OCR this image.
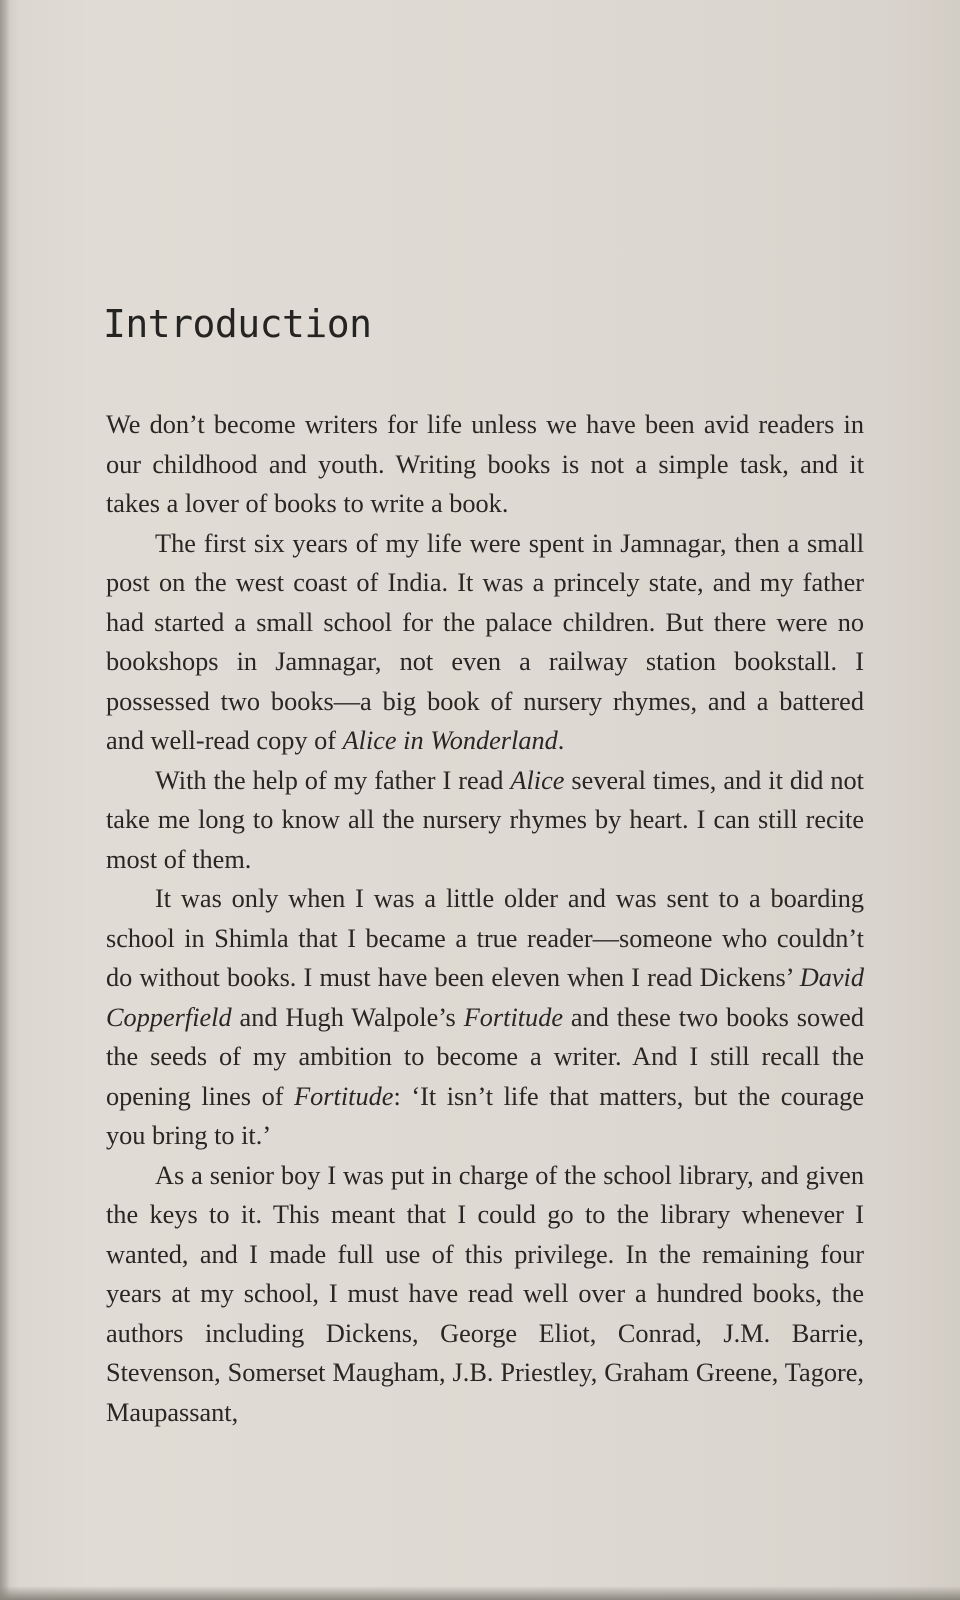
Introduction

We don’t become writers for life unless we have been avid readers in our childhood and youth. Writing books is not a simple task, and it takes a lover of books to write a book.

The first six years of my life were spent in Jamnagar, then a small post on the west coast of India. It was a princely state, and my father had started a small school for the palace children. But there were no bookshops in Jamnagar, not even a railway station bookstall. I possessed two books—a big book of nursery rhymes, and a battered and well-read copy of Alice in Wonderland.

With the help of my father I read Alice several times, and it did not take me long to know all the nursery rhymes by heart. I can still recite most of them.

It was only when I was a little older and was sent to a boarding school in Shimla that I became a true reader—someone who couldn’t do without books. I must have been eleven when I read Dickens’ David Copperfield and Hugh Walpole’s Fortitude and these two books sowed the seeds of my ambition to become a writer. And I still recall the opening lines of Fortitude: ‘It isn’t life that matters, but the courage you bring to it.’

As a senior boy I was put in charge of the school library, and given the keys to it. This meant that I could go to the library whenever I wanted, and I made full use of this privilege. In the remaining four years at my school, I must have read well over a hundred books, the authors including Dickens, George Eliot, Conrad, J.M. Barrie, Stevenson, Somerset Maugham, J.B. Priestley, Graham Greene, Tagore, Maupassant,
